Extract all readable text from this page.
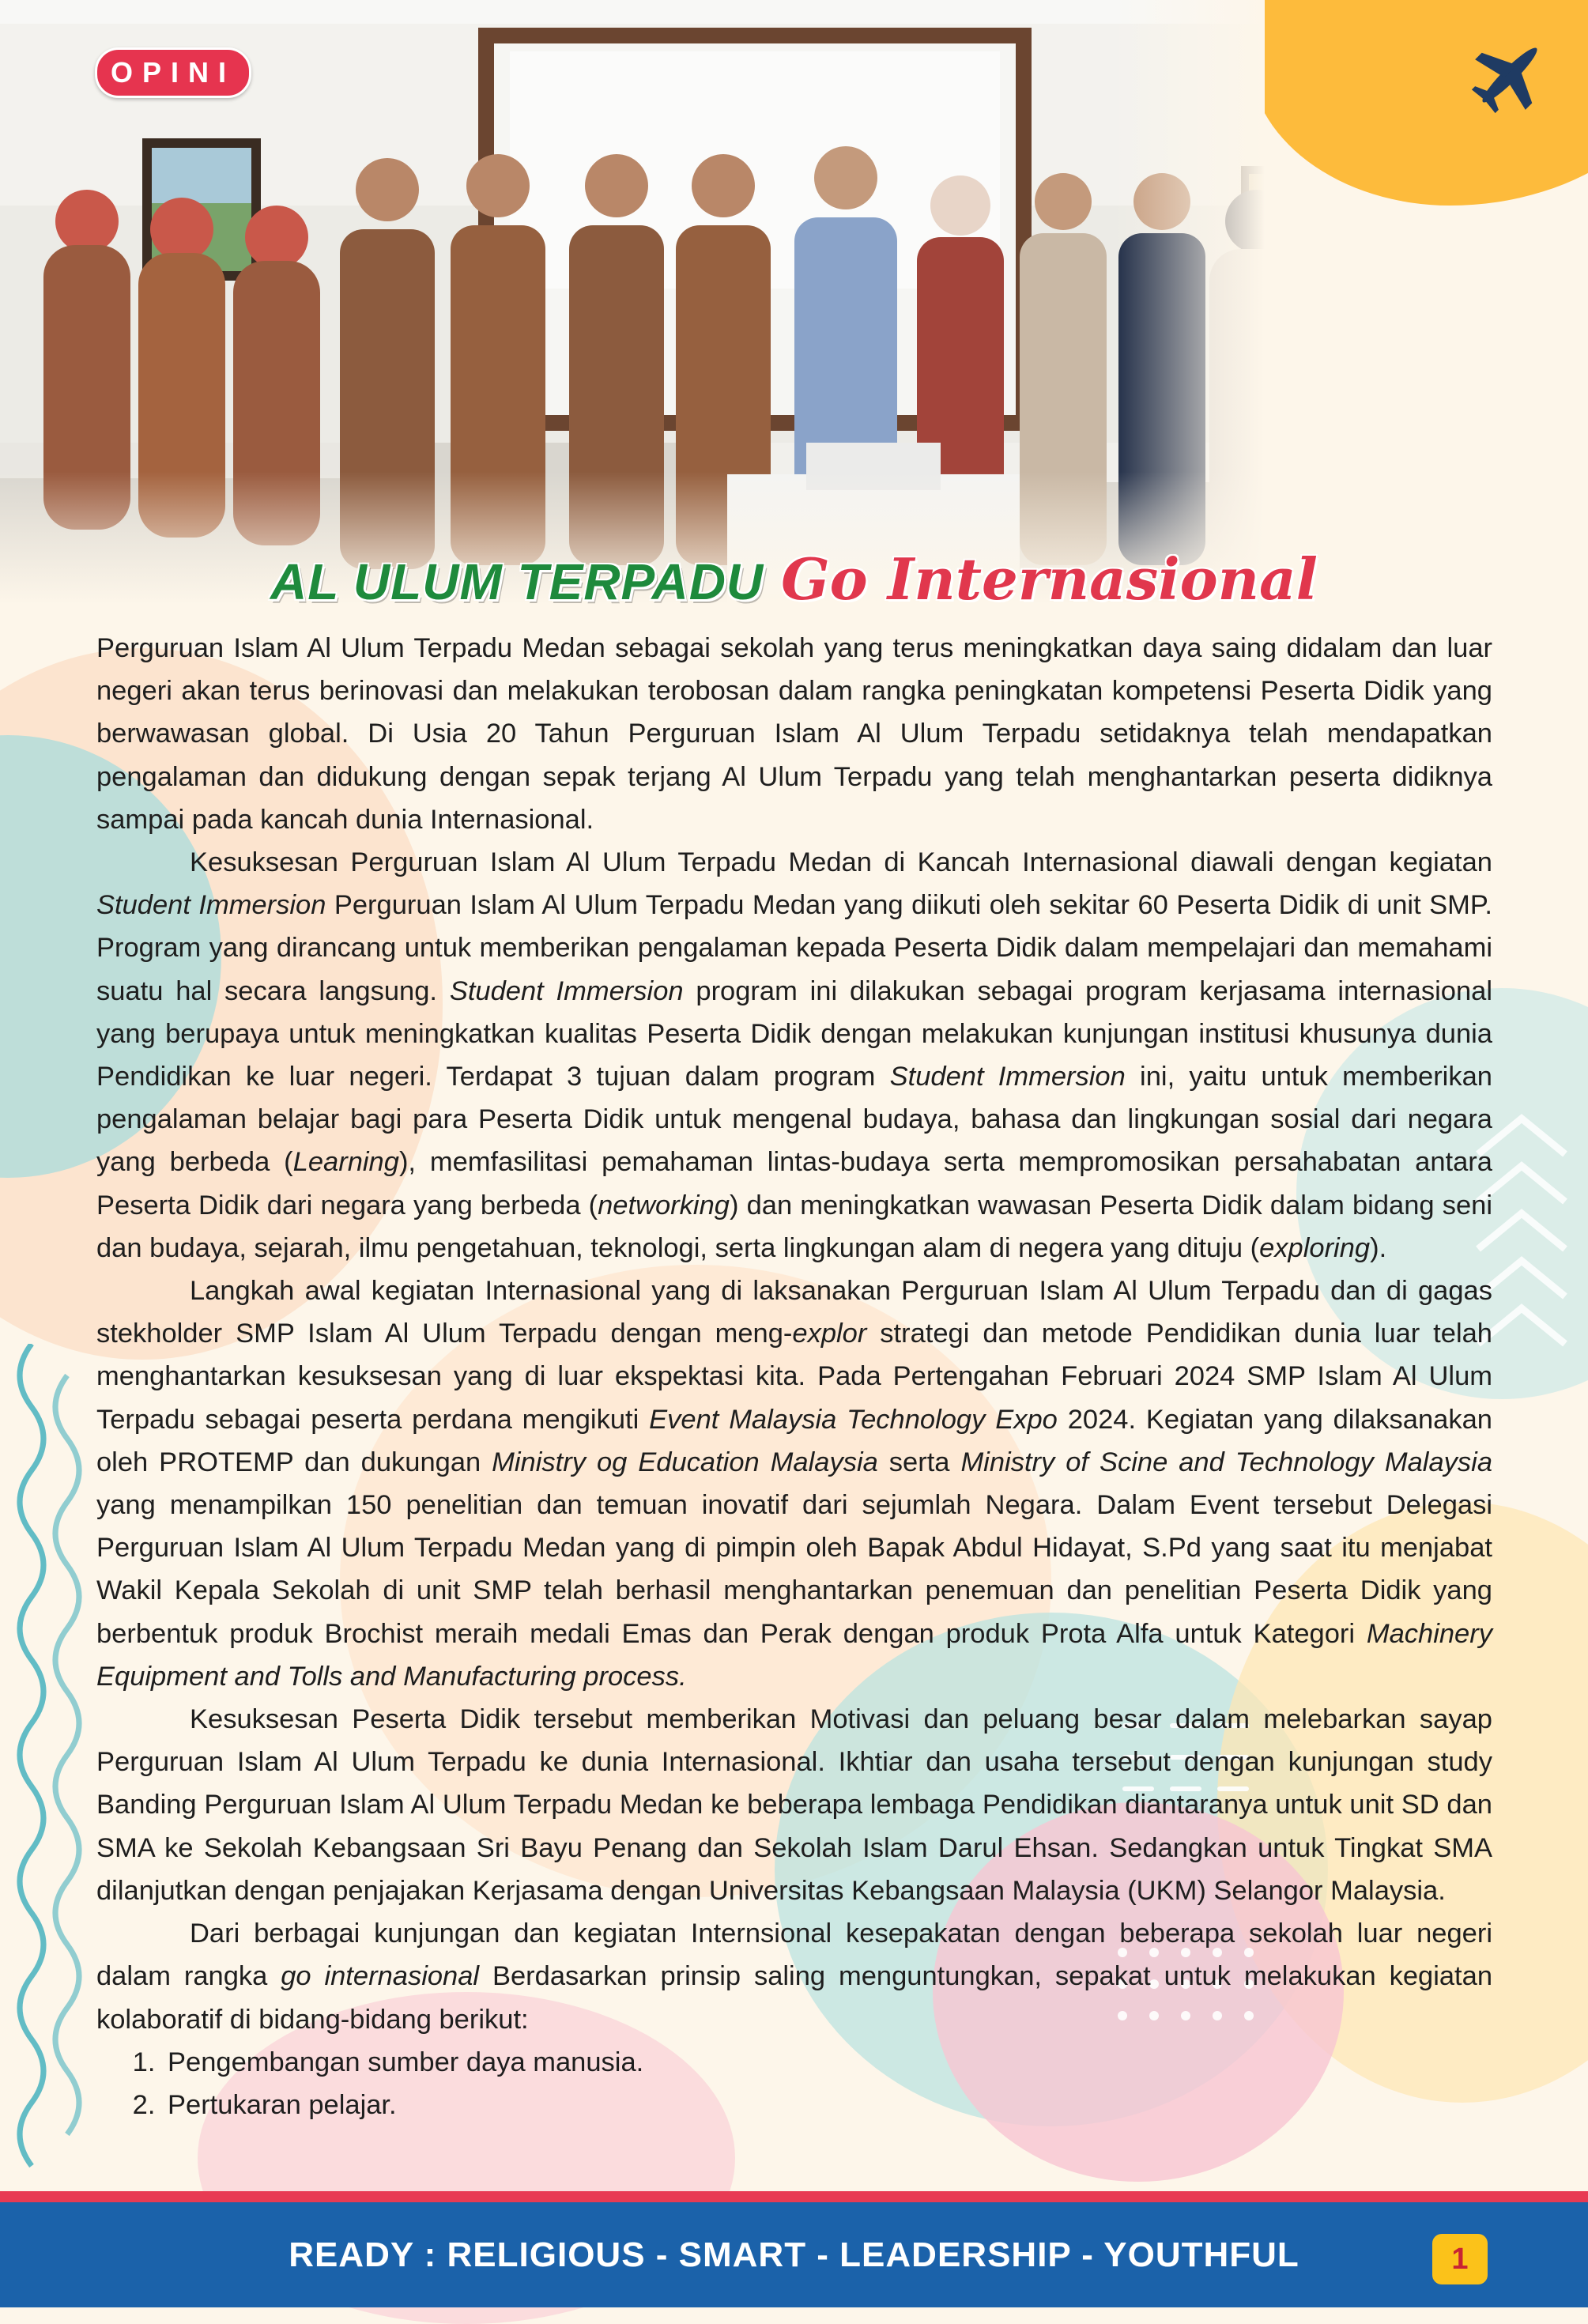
OPINI
AL ULUM TERPADU Go Internasional

Perguruan Islam Al Ulum Terpadu Medan sebagai sekolah yang terus meningkatkan daya saing didalam dan luar negeri akan terus berinovasi dan melakukan terobosan dalam rangka peningkatan kompetensi Peserta Didik yang berwawasan global. Di Usia 20 Tahun Perguruan Islam Al Ulum Terpadu setidaknya telah mendapatkan pengalaman dan didukung dengan sepak terjang Al Ulum Terpadu yang telah menghantarkan peserta didiknya sampai pada kancah dunia Internasional.

Kesuksesan Perguruan Islam Al Ulum Terpadu Medan di Kancah Internasional diawali dengan kegiatan Student Immersion Perguruan Islam Al Ulum Terpadu Medan yang diikuti oleh sekitar 60 Peserta Didik di unit SMP. Program yang dirancang untuk memberikan pengalaman kepada Peserta Didik dalam mempelajari dan memahami suatu hal secara langsung. Student Immersion program ini dilakukan sebagai program kerjasama internasional yang berupaya untuk meningkatkan kualitas Peserta Didik dengan melakukan kunjungan institusi khusunya dunia Pendidikan ke luar negeri. Terdapat 3 tujuan dalam program Student Immersion ini, yaitu untuk memberikan pengalaman belajar bagi para Peserta Didik untuk mengenal budaya, bahasa dan lingkungan sosial dari negara yang berbeda (Learning), memfasilitasi pemahaman lintas-budaya serta mempromosikan persahabatan antara Peserta Didik dari negara yang berbeda (networking) dan meningkatkan wawasan Peserta Didik dalam bidang seni dan budaya, sejarah, ilmu pengetahuan, teknologi, serta lingkungan alam di negera yang dituju (exploring).

Langkah awal kegiatan Internasional yang di laksanakan Perguruan Islam Al Ulum Terpadu dan di gagas stekholder SMP Islam Al Ulum Terpadu dengan meng-explor strategi dan metode Pendidikan dunia luar telah menghantarkan kesuksesan yang di luar ekspektasi kita. Pada Pertengahan Februari 2024 SMP Islam Al Ulum Terpadu sebagai peserta perdana mengikuti Event Malaysia Technology Expo 2024. Kegiatan yang dilaksanakan oleh PROTEMP dan dukungan Ministry og Education Malaysia serta Ministry of Scine and Technology Malaysia yang menampilkan 150 penelitian dan temuan inovatif dari sejumlah Negara. Dalam Event tersebut Delegasi Perguruan Islam Al Ulum Terpadu Medan yang di pimpin oleh Bapak Abdul Hidayat, S.Pd yang saat itu menjabat Wakil Kepala Sekolah di unit SMP telah berhasil menghantarkan penemuan dan penelitian Peserta Didik yang berbentuk produk Brochist meraih medali Emas dan Perak dengan produk Prota Alfa untuk Kategori Machinery Equipment and Tolls and Manufacturing process.

Kesuksesan Peserta Didik tersebut memberikan Motivasi dan peluang besar dalam melebarkan sayap Perguruan Islam Al Ulum Terpadu ke dunia Internasional. Ikhtiar dan usaha tersebut dengan kunjungan study Banding Perguruan Islam Al Ulum Terpadu Medan ke beberapa lembaga Pendidikan diantaranya untuk unit SD dan SMA ke Sekolah Kebangsaan Sri Bayu Penang dan Sekolah Islam Darul Ehsan. Sedangkan untuk Tingkat SMA dilanjutkan dengan penjajakan Kerjasama dengan Universitas Kebangsaan Malaysia (UKM) Selangor Malaysia.

Dari berbagai kunjungan dan kegiatan Internsional kesepakatan dengan beberapa sekolah luar negeri dalam rangka go internasional Berdasarkan prinsip saling menguntungkan, sepakat untuk melakukan kegiatan kolaboratif di bidang-bidang berikut:

1. Pengembangan sumber daya manusia.
2. Pertukaran pelajar.
READY : RELIGIOUS - SMART - LEADERSHIP - YOUTHFUL	1
